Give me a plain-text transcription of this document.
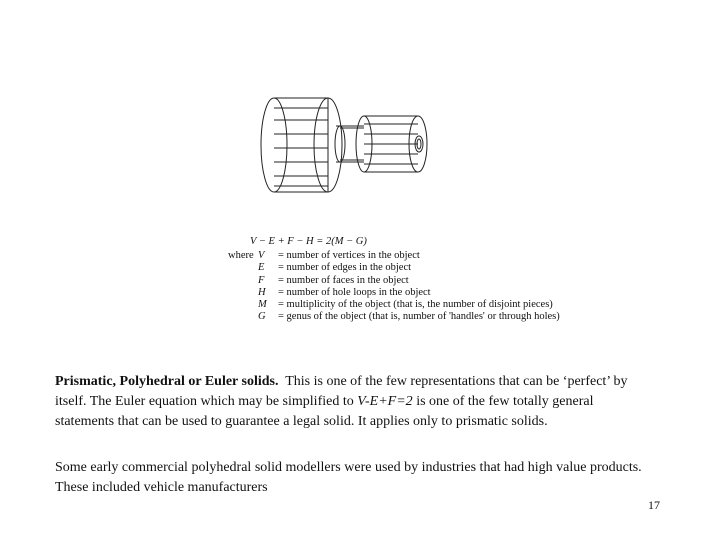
V − E + F − H = 2(M − G)
where V	= number of vertices in the object
E	= number of edges in the object
F	= number of faces in the object
H	= number of hole loops in the object
M	= multiplicity of the object (that is, the number of disjoint pieces)
G	= genus of the object (that is, number of 'handles' or through holes)
Prismatic, Polyhedral or Euler solids. This is one of the few representations that can be ‘perfect’ by itself. The Euler equation which may be simplified to V-E+F=2 is one of the few totally general statements that can be used to guarantee a legal solid. It applies only to prismatic solids.
Some early commercial polyhedral solid modellers were used by industries that had high value products. These included vehicle manufacturers
17
